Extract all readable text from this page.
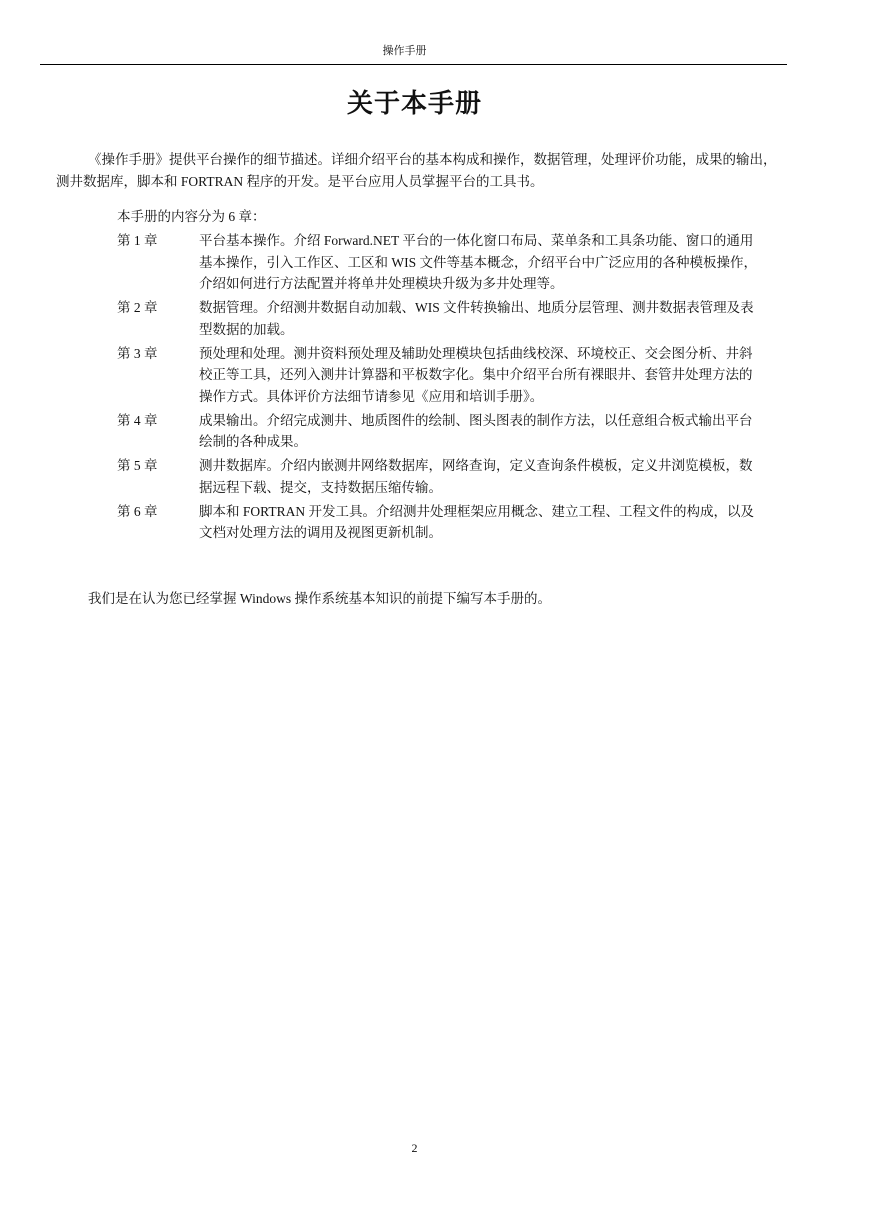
操作手册
关于本手册

《操作手册》提供平台操作的细节描述。详细介绍平台的基本构成和操作，数据管理，处理评价功能，成果的输出，测井数据库，脚本和 FORTRAN 程序的开发。是平台应用人员掌握平台的工具书。

本手册的内容分为 6 章：

第 1 章	平台基本操作。介绍 Forward.NET 平台的一体化窗口布局、菜单条和工具条功能、窗口的通用基本操作，引入工作区、工区和 WIS 文件等基本概念，介绍平台中广泛应用的各种模板操作，介绍如何进行方法配置并将单井处理模块升级为多井处理等。
第 2 章	数据管理。介绍测井数据自动加载、WIS 文件转换输出、地质分层管理、测井数据表管理及表型数据的加载。
第 3 章	预处理和处理。测井资料预处理及辅助处理模块包括曲线校深、环境校正、交会图分析、井斜校正等工具，还列入测井计算器和平板数字化。集中介绍平台所有裸眼井、套管井处理方法的操作方式。具体评价方法细节请参见《应用和培训手册》。
第 4 章	成果输出。介绍完成测井、地质图件的绘制、图头图表的制作方法，以任意组合板式输出平台绘制的各种成果。
第 5 章	测井数据库。介绍内嵌测井网络数据库，网络查询，定义查询条件模板，定义井浏览模板，数据远程下载、提交，支持数据压缩传输。
第 6 章	脚本和 FORTRAN 开发工具。介绍测井处理框架应用概念、建立工程、工程文件的构成，以及文档对处理方法的调用及视图更新机制。

我们是在认为您已经掌握 Windows 操作系统基本知识的前提下编写本手册的。

2
